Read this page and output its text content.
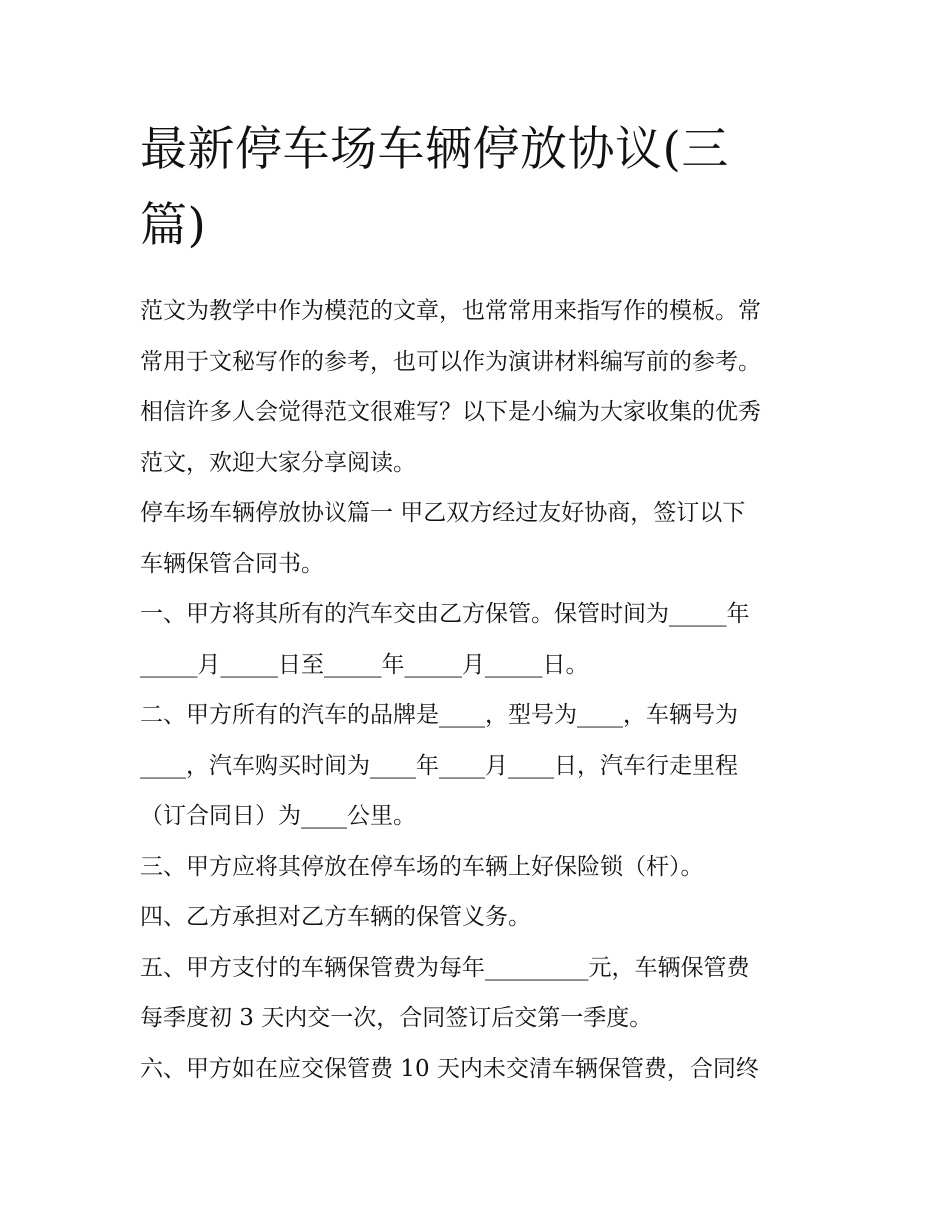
最新停车场车辆停放协议(三
篇)

范文为教学中作为模范的文章，也常常用来指写作的模板。常
常用于文秘写作的参考，也可以作为演讲材料编写前的参考。
相信许多人会觉得范文很难写？以下是小编为大家收集的优秀
范文，欢迎大家分享阅读。

停车场车辆停放协议篇一 甲乙双方经过友好协商，签订以下
车辆保管合同书。

一、甲方将其所有的汽车交由乙方保管。保管时间为_____年
_____月_____日至_____年_____月_____日。

二、甲方所有的汽车的品牌是____，型号为____，车辆号为
____，汽车购买时间为____年____月____日，汽车行走里程
（订合同日）为____公里。

三、甲方应将其停放在停车场的车辆上好保险锁（杆）。

四、乙方承担对乙方车辆的保管义务。

五、甲方支付的车辆保管费为每年_________元，车辆保管费
每季度初 3 天内交一次，合同签订后交第一季度。

六、甲方如在应交保管费 10 天内未交清车辆保管费，合同终
